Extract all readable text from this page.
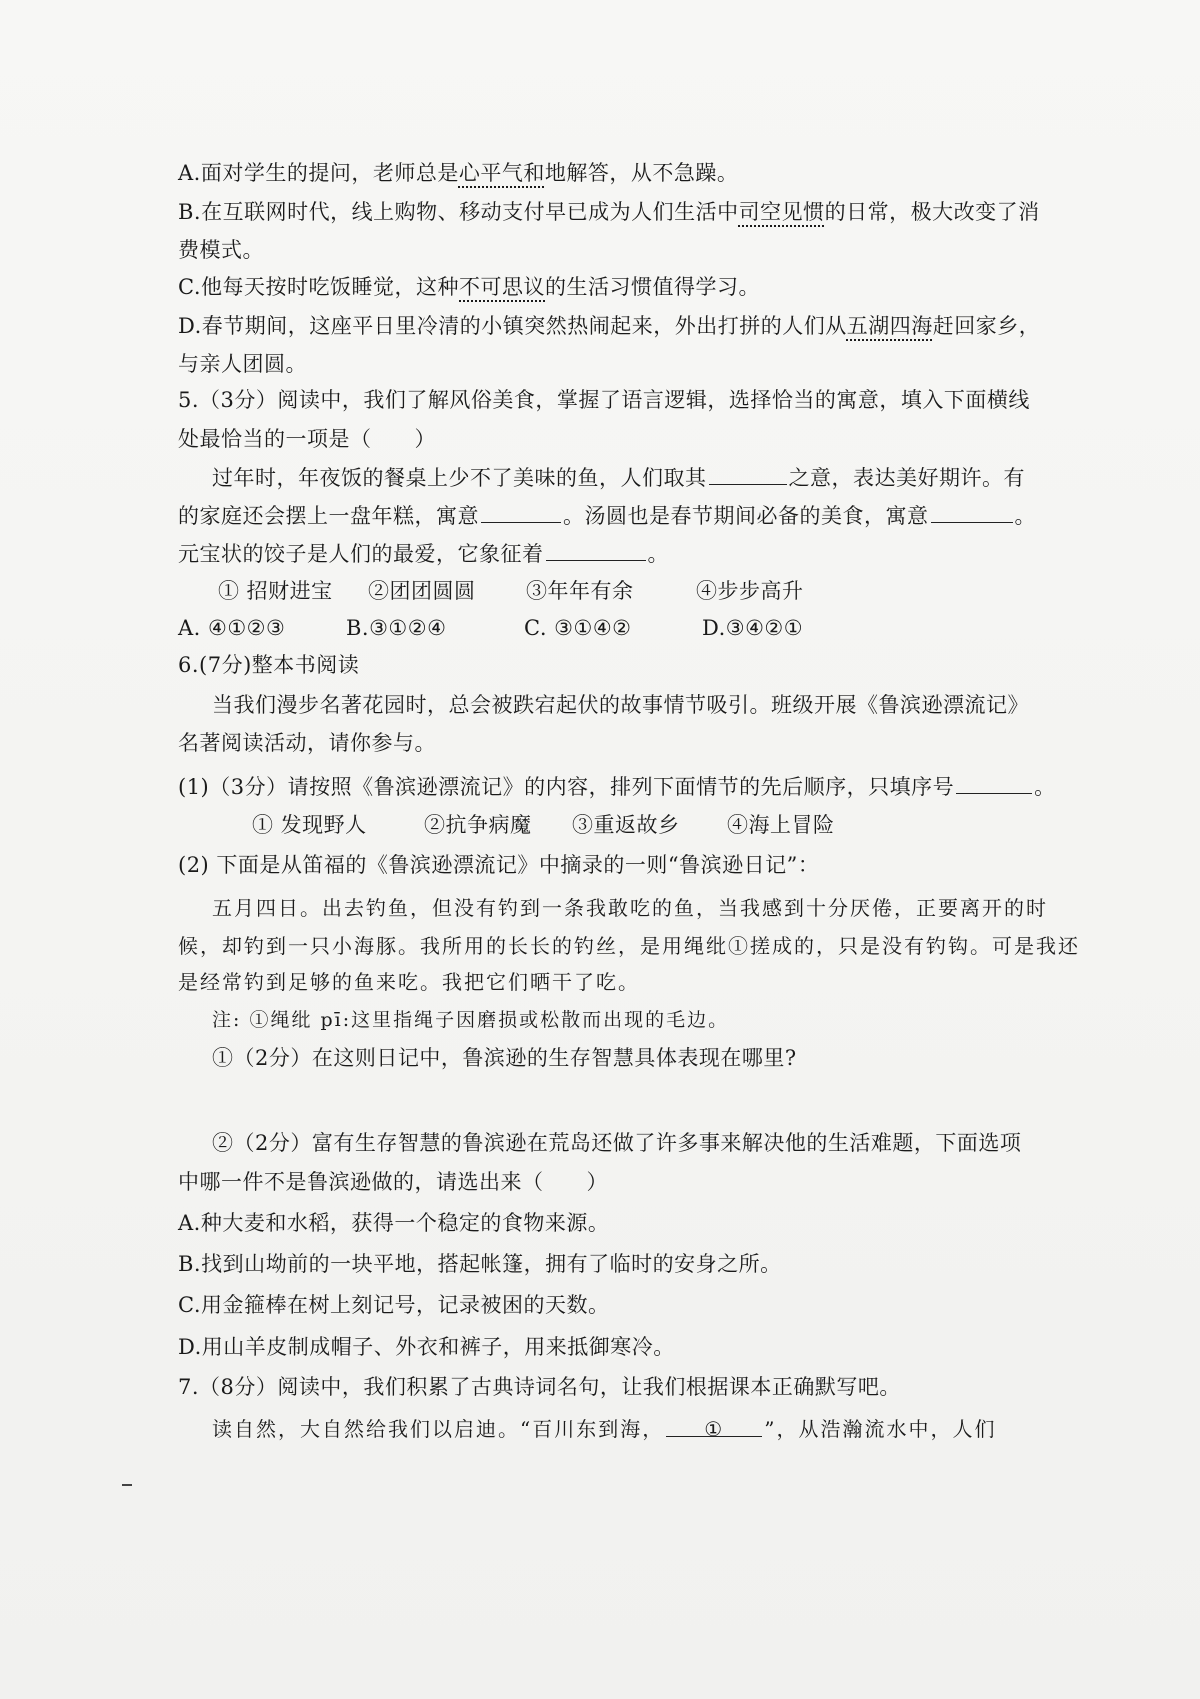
A.面对学生的提问，老师总是心平气和地解答，从不急躁。
B.在互联网时代，线上购物、移动支付早已成为人们生活中司空见惯的日常，极大改变了消
费模式。
C.他每天按时吃饭睡觉，这种不可思议的生活习惯值得学习。
D.春节期间，这座平日里冷清的小镇突然热闹起来，外出打拼的人们从五湖四海赶回家乡，
与亲人团圆。
5.（3分）阅读中，我们了解风俗美食，掌握了语言逻辑，选择恰当的寓意，填入下面横线
处最恰当的一项是（　　）
过年时，年夜饭的餐桌上少不了美味的鱼，人们取其	之意，表达美好期许。有
的家庭还会摆上一盘年糕，寓意	。汤圆也是春节期间必备的美食，寓意	。
元宝状的饺子是人们的最爱，它象征着	。
① 招财进宝 ②团团圆圆 ③年年有余	④步步高升
A. ④①②③	B.③①②④	C. ③①④②	D.③④②①
6.(7分)整本书阅读
当我们漫步名著花园时，总会被跌宕起伏的故事情节吸引。班级开展《鲁滨逊漂流记》
名著阅读活动，请你参与。
(1)（3分）请按照《鲁滨逊漂流记》的内容，排列下面情节的先后顺序，只填序号	。
① 发现野人	②抗争病魔 ③重返故乡 ④海上冒险
(2) 下面是从笛福的《鲁滨逊漂流记》中摘录的一则“鲁滨逊日记”：
五月四日。出去钓鱼，但没有钓到一条我敢吃的鱼，当我感到十分厌倦，正要离开的时
候，却钓到一只小海豚。我所用的长长的钓丝，是用绳纰①搓成的，只是没有钓钩。可是我还
是经常钓到足够的鱼来吃。我把它们晒干了吃。
注: ①绳纰 pī:这里指绳子因磨损或松散而出现的毛边。
①（2分）在这则日记中，鲁滨逊的生存智慧具体表现在哪里?
②（2分）富有生存智慧的鲁滨逊在荒岛还做了许多事来解决他的生活难题，下面选项
中哪一件不是鲁滨逊做的，请选出来（　　）
A.种大麦和水稻，获得一个稳定的食物来源。
B.找到山坳前的一块平地，搭起帐篷，拥有了临时的安身之所。
C.用金箍棒在树上刻记号，记录被困的天数。
D.用山羊皮制成帽子、外衣和裤子，用来抵御寒冷。
7.（8分）阅读中，我们积累了古典诗词名句，让我们根据课本正确默写吧。
读自然，大自然给我们以启迪。“百川东到海， ① ”，从浩瀚流水中，人们
